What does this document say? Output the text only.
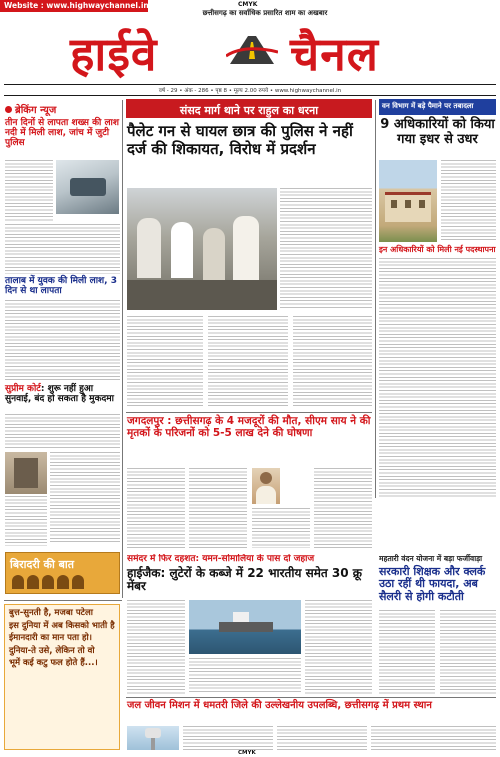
Website : www.highwaychannel.in
छत्तीसगढ़ का सर्वाधिक प्रसारित शाम का अखबार
CMYK
हाईवे	चैनल
वर्ष - 29 • अंक - 286 • पृष्ठ 8 • मूल्य 2.00 रुपये • www.highwaychannel.in
ब्रेकिंग न्यूज
तीन दिनों से लापता शख्स की लाश नदी में मिली लाश, जांच में जुटी पुलिस
तालाब में युवक की मिली लाश, 3 दिन से था लापता
सुप्रीम कोर्ट: शुरू नहीं हुआ सुनवाई, बंद हो सकता है मुकदमा
बिरादरी की बात
संसद मार्ग थाने पर राहुल का धरना
पैलेट गन से घायल छात्र की पुलिस ने नहीं दर्ज की शिकायत, विरोध में प्रदर्शन
वन विभाग में बड़े पैमाने पर तबादला
9 अधिकारियों को किया गया इधर से उधर
इन अधिकारियों को मिली नई पदस्थापना
जगदलपुर : छत्तीसगढ़ के 4 मजदूरों की मौत, सीएम साय ने की मृतकों के परिजनों को 5-5 लाख देने की घोषणा
समंदर में फिर दहशत: यमन-सोमालिया के पास दो जहाज
हाईजैक: लुटेरों के कब्जे में 22 भारतीय समेत 30 क्रू मेंबर
महतारी वंदन योजना में बड़ा फर्जीवाड़ा
सरकारी शिक्षक और क्लर्क उठा रहीं थी फायदा, अब सैलरी से होगी कटौती
बुत्त-सुनती है, मजबा पटेला
इस दुनिया में अब किसको भाती है
ईमानदारी का मान पता हो।
दुनिया-ते उसे, लेकिन तो वो
भूमें कई कटु फल होते हैं...।
जल जीवन मिशन में धमतरी जिले की उल्लेखनीय उपलब्धि, छत्तीसगढ़ में प्रथम स्थान
CMYK
